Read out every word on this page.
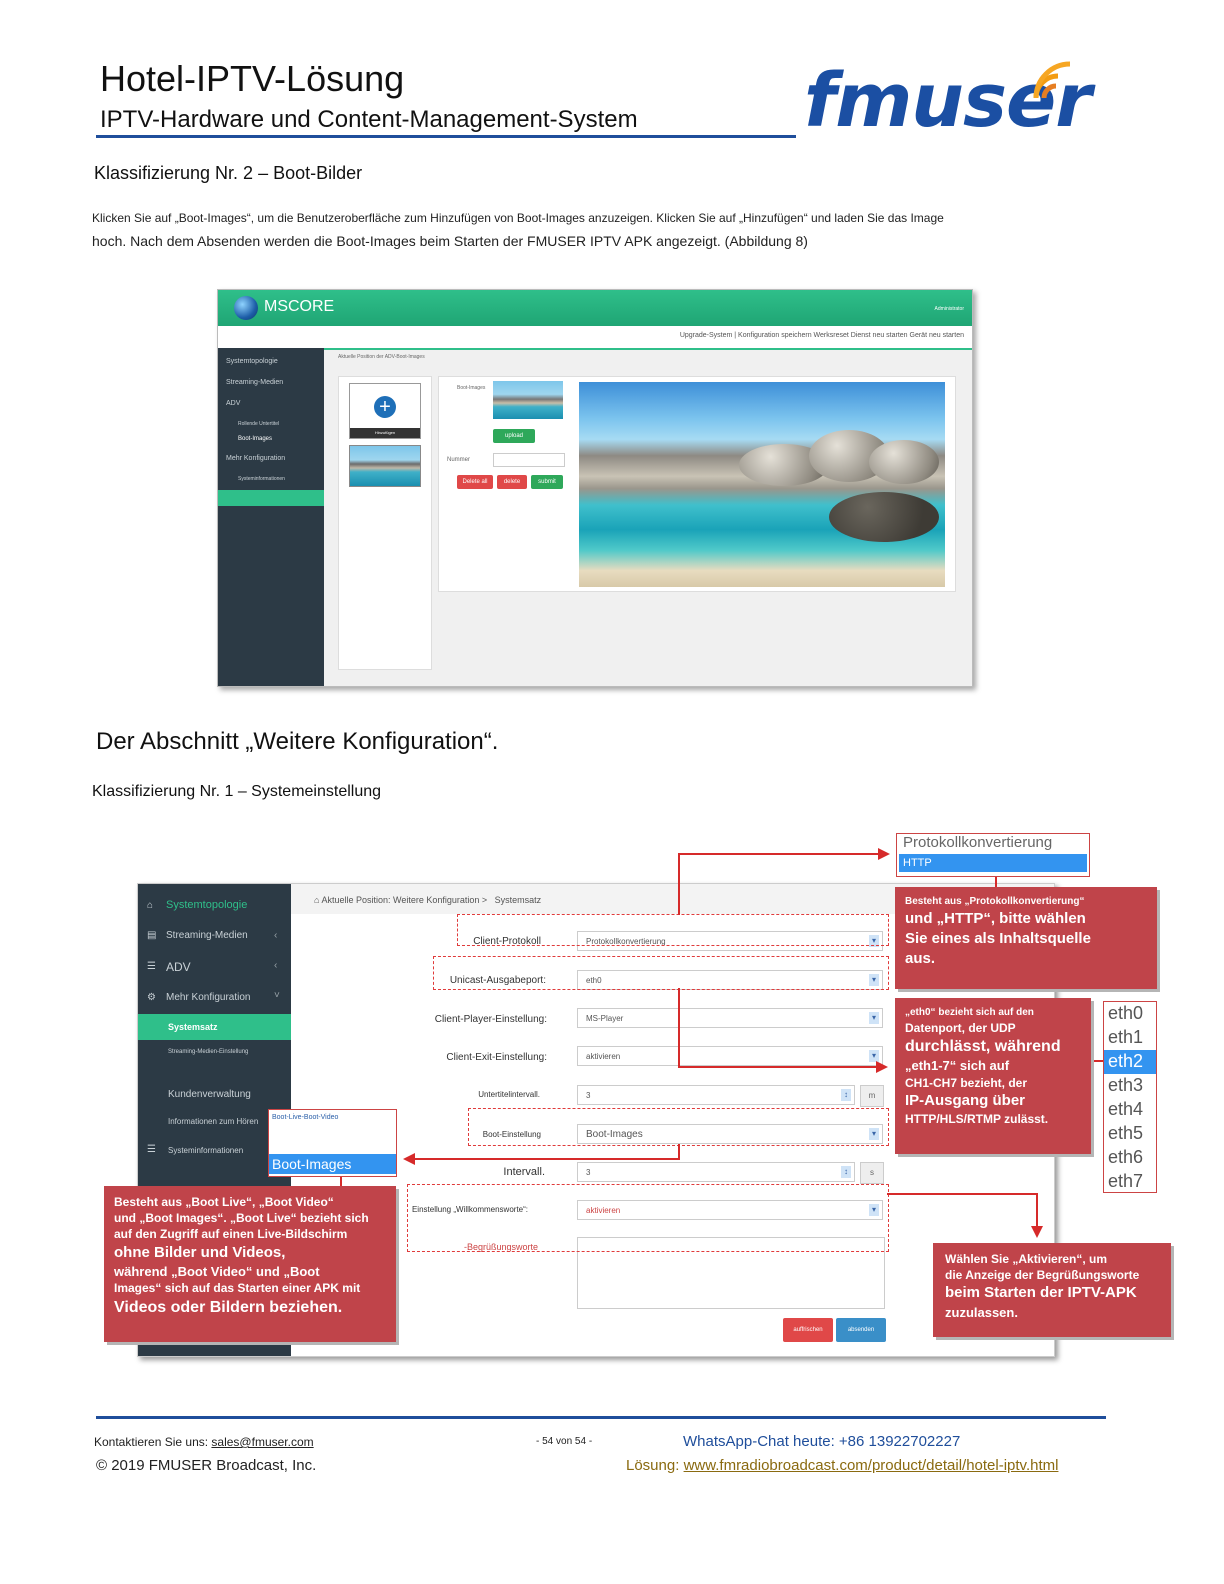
Hotel-IPTV-Lösung
IPTV-Hardware und Content-Management-System fmuser
Klassifizierung Nr. 2 – Boot-Bilder
Klicken Sie auf „Boot-Images“, um die Benutzeroberfläche zum Hinzufügen von Boot-Images anzuzeigen. Klicken Sie auf „Hinzufügen“ und laden Sie das Image
hoch. Nach dem Absenden werden die Boot-Images beim Starten der FMUSER IPTV APK angezeigt. (Abbildung 8)
MSCORE	Administrator
Upgrade-System | Konfiguration speichern Werksreset Dienst neu starten Gerät neu starten
Systemtopologie
Streaming-Medien
ADV
Rollende Untertitel
Boot-Images
Mehr Konfiguration
Systeminformationen
Aktuelle Position der ADV-Boot-Images
+
Hinzufügen
Boot-Images
upload
Nummer
Delete all	delete	submit
Der Abschnitt „Weitere Konfiguration“.
Klassifizierung Nr. 1 – Systemeinstellung
⌂ Systemtopologie
▤ Streaming-Medien	‹
☰ ADV	‹
⚙ Mehr Konfiguration ˅
Systemsatz
Streaming-Medien-Einstellung
Kundenverwaltung
Informationen zum Hören
☰ Systeminformationen
⌂ Aktuelle Position: Weitere Konfiguration > Systemsatz
Client-Protokoll	Protokollkonvertierung	▾
Unicast-Ausgabeport:	eth0	▾
Client-Player-Einstellung:	MS-Player	▾
Client-Exit-Einstellung:	aktivieren	▾
Untertitelintervall.	3	↕	m
Boot-Einstellung	Boot-Images	▾
Intervall.	3	↕	s
Einstellung „Willkommensworte“:	aktivieren	▾
-Begrüßungsworte
auffrischen	absenden
Protokollkonvertierung
HTTP
eth0
eth1
eth2
eth3
eth4
eth5
eth6
eth7
Boot-Live-Boot-Video
Boot-Images
Besteht aus „Protokollkonvertierung“
und „HTTP“, bitte wählen
Sie eines als Inhaltsquelle
aus.
„eth0“ bezieht sich auf den
Datenport, der UDP
durchlässt, während
„eth1-7“ sich auf
CH1-CH7 bezieht, der
IP-Ausgang über
HTTP/HLS/RTMP zulässt.
Besteht aus „Boot Live“, „Boot Video“
und „Boot Images“. „Boot Live“ bezieht sich
auf den Zugriff auf einen Live-Bildschirm
ohne Bilder und Videos,
während „Boot Video“ und „Boot
Images“ sich auf das Starten einer APK mit
Videos oder Bildern beziehen.
Wählen Sie „Aktivieren“, um
die Anzeige der Begrüßungsworte
beim Starten der IPTV-APK
zuzulassen.
Kontaktieren Sie uns: sales@fmuser.com	- 54 von 54 -	WhatsApp-Chat heute: +86 13922702227
© 2019 FMUSER Broadcast, Inc.	Lösung: www.fmradiobroadcast.com/product/detail/hotel-iptv.html
